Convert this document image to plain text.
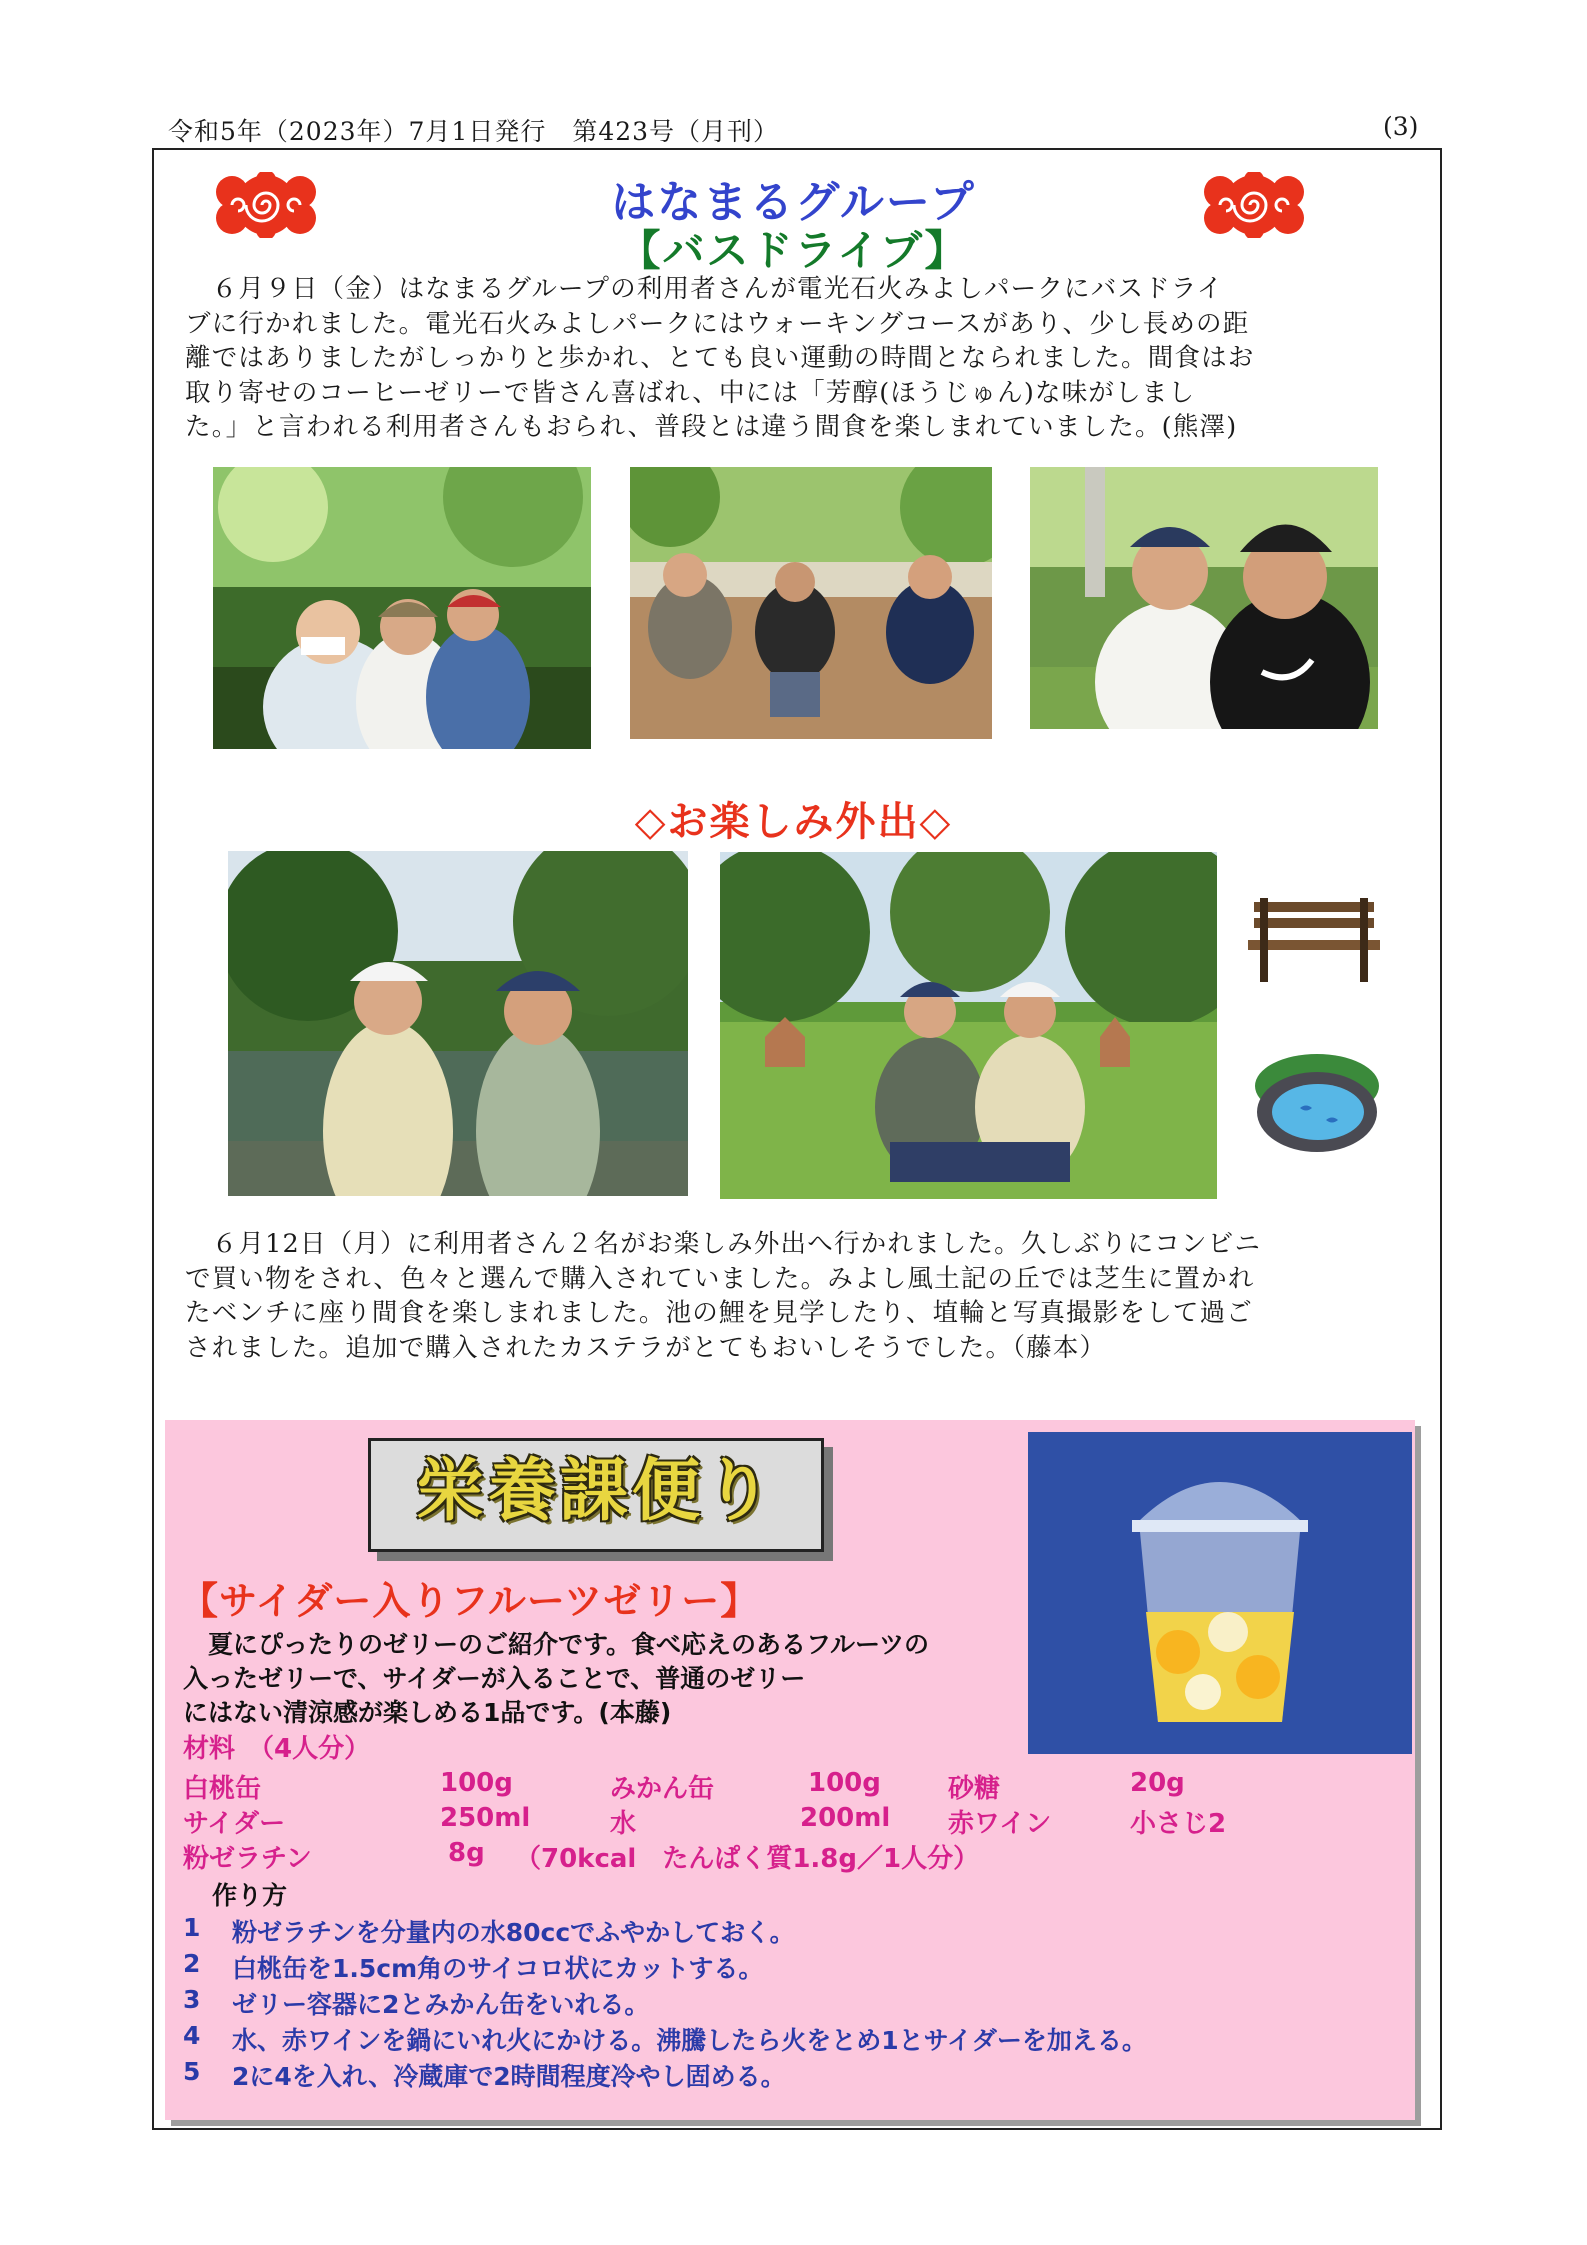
令和5年（2023年）7月1日発行　第423号（月刊）	(3)
はなまるグループ
【バスドライブ】
　６月９日（金）はなまるグループの利用者さんが電光石火みよしパークにバスドライ
ブに行かれました。電光石火みよしパークにはウォーキングコースがあり、少し長めの距
離ではありましたがしっかりと歩かれ、とても良い運動の時間となられました。間食はお
取り寄せのコーヒーゼリーで皆さん喜ばれ、中には「芳醇(ほうじゅん)な味がしまし
た。」と言われる利用者さんもおられ、普段とは違う間食を楽しまれていました。(熊澤)
◇お楽しみ外出◇
　６月12日（月）に利用者さん２名がお楽しみ外出へ行かれました。久しぶりにコンビニ
で買い物をされ、色々と選んで購入されていました。みよし風土記の丘では芝生に置かれ
たベンチに座り間食を楽しまれました。池の鯉を見学したり、埴輪と写真撮影をして過ご
されました。追加で購入されたカステラがとてもおいしそうでした。（藤本）
栄養課便り
【サイダー入りフルーツゼリー】
　夏にぴったりのゼリーのご紹介です。食べ応えのあるフルーツの
入ったゼリーで、サイダーが入ることで、普通のゼリー
にはない清涼感が楽しめる1品です。(本藤)
材料　（4人分）
白桃缶	100g	みかん缶	100g	砂糖	20g
サイダー	250ml	水	200ml 赤ワイン	小さじ2
粉ゼラチン	8g （70kcal　たんぱく質1.8g／1人分）
作り方
1 粉ゼラチンを分量内の水80ccでふやかしておく。
2 白桃缶を1.5cm角のサイコロ状にカットする。
3 ゼリー容器に2とみかん缶をいれる。
4 水、赤ワインを鍋にいれ火にかける。沸騰したら火をとめ1とサイダーを加える。
5 2に4を入れ、冷蔵庫で2時間程度冷やし固める。
